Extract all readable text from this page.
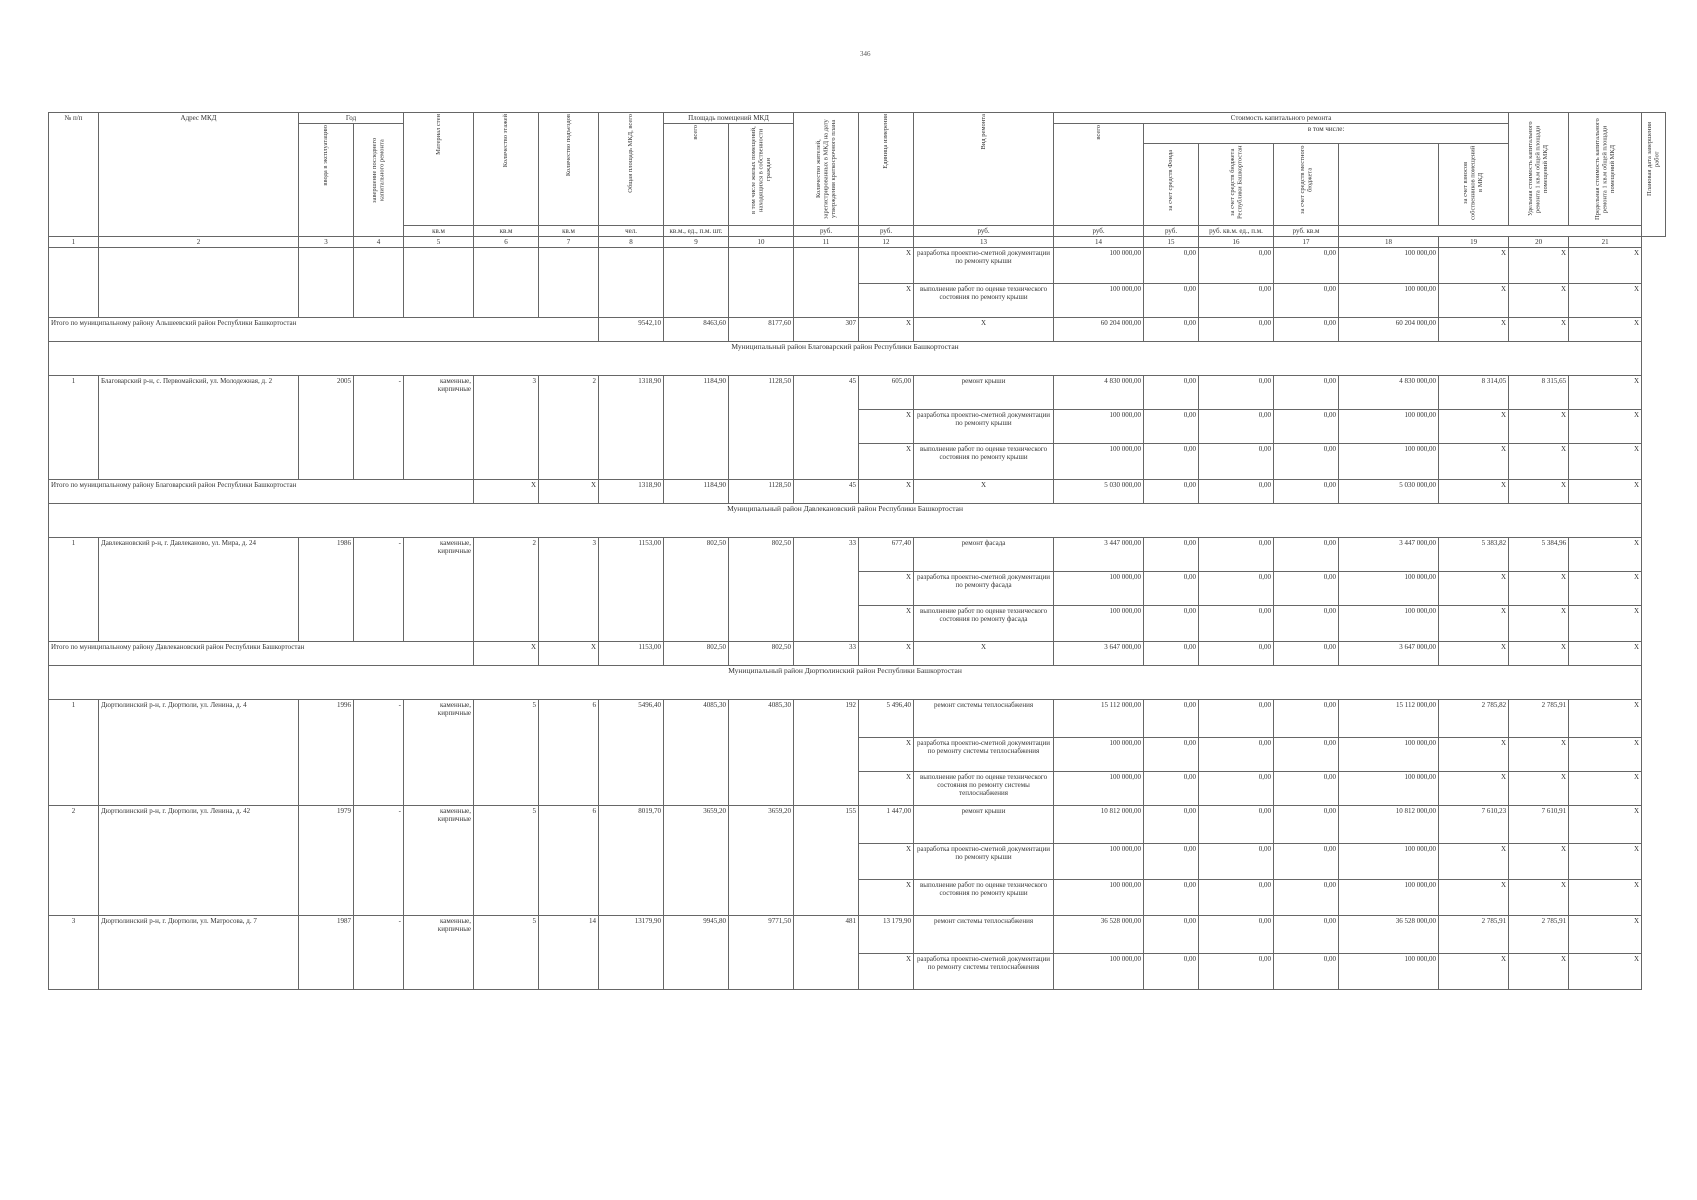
346
№ п/п	Адрес МКД	Год		Материал стен	Количество этажей	Количество подъездов	Общая площадь МКД, всего	Площадь помещений МКД		Количество жителей, зарегистрированных в МКД на дату утверждения краткосрочного плана	Единица измерения	Вид ремонта	Стоимость капитального ремонта						Удельная стоимость капитального ремонта 1 кв.м общей площади помещений МКД	Предельная стоимость капитального ремонта 1 кв.м общей площади помещений МКД	Плановая дата завершения работ

		ввода в эксплуатацию	завершение последнего капитального ремонта					всего	в том числе жилых помещений, находящихся в собственности граждан				всего	в том числе:							

														за счет средств Фонда	за счет средств бюджета Республики Башкортостан	за счет средств местного бюджета		за счет взносов собственников помещений в МКД			

				кв.м	кв.м	кв.м	чел.	кв.м., ед., п.м. шт.		руб.	руб.	руб.	руб.	руб.	руб. кв.м. ед., п.м.	руб. кв.м					
1	2	3	4	5	6	7	8	9	10	11	12	13	14	15	16	17	18	19	20	21	
											X	разработка проектно-сметной документации по ремонту крыши	100 000,00	0,00	0,00	0,00	100 000,00	X	X	X	
											X	выполнение работ по оценке технического состояния по ремонту крыши	100 000,00	0,00	0,00	0,00	100 000,00	X	X	X	
Итого по муниципальному району Альшеевский район Республики Башкортостан							9542,10	8463,60	8177,60	307	X	X	60 204 000,00	0,00	0,00	0,00	60 204 000,00	X	X	X	
Муниципальный район Благоварский район Республики Башкортостан																					
1	Благоварский р-н, с. Первомайский, ул. Молодежная, д. 2	2005	-	каменные, кирпичные	3	2	1318,90	1184,90	1128,50	45	605,00	ремонт крыши	4 830 000,00	0,00	0,00	0,00	4 830 000,00	8 314,05	8 315,65	X	
											X	разработка проектно-сметной документации по ремонту крыши	100 000,00	0,00	0,00	0,00	100 000,00	X	X	X	
											X	выполнение работ по оценке технического состояния по ремонту крыши	100 000,00	0,00	0,00	0,00	100 000,00	X	X	X	
Итого по муниципальному району Благоварский район Республики Башкортостан					X	X	1318,90	1184,90	1128,50	45	X	X	5 030 000,00	0,00	0,00	0,00	5 030 000,00	X	X	X	
Муниципальный район Давлекановский район Республики Башкортостан																					
1	Давлекановский р-н, г. Давлеканово, ул. Мира, д. 24	1986	-	каменные, кирпичные	2	3	1153,00	802,50	802,50	33	677,40	ремонт фасада	3 447 000,00	0,00	0,00	0,00	3 447 000,00	5 383,82	5 384,96	X	
											X	разработка проектно-сметной документации по ремонту фасада	100 000,00	0,00	0,00	0,00	100 000,00	X	X	X	
											X	выполнение работ по оценке технического состояния по ремонту фасада	100 000,00	0,00	0,00	0,00	100 000,00	X	X	X	
Итого по муниципальному району Давлекановский район Республики Башкортостан					X	X	1153,00	802,50	802,50	33	X	X	3 647 000,00	0,00	0,00	0,00	3 647 000,00	X	X	X	
Муниципальный район Дюртюлинский район Республики Башкортостан																					
1	Дюртюлинский р-н, г. Дюртюли, ул. Ленина, д. 4	1996	-	каменные, кирпичные	5	6	5496,40	4085,30	4085,30	192	5 496,40	ремонт системы теплоснабжения	15 112 000,00	0,00	0,00	0,00	15 112 000,00	2 785,82	2 785,91	X	
											X	разработка проектно-сметной документации по ремонту системы теплоснабжения	100 000,00	0,00	0,00	0,00	100 000,00	X	X	X	
											X	выполнение работ по оценке технического состояния по ремонту системы теплоснабжения	100 000,00	0,00	0,00	0,00	100 000,00	X	X	X	
2	Дюртюлинский р-н, г. Дюртюли, ул. Ленина, д. 42	1979	-	каменные, кирпичные	5	6	8019,70	3659,20	3659,20	155	1 447,00	ремонт крыши	10 812 000,00	0,00	0,00	0,00	10 812 000,00	7 610,23	7 610,91	X	
											X	разработка проектно-сметной документации по ремонту крыши	100 000,00	0,00	0,00	0,00	100 000,00	X	X	X	
											X	выполнение работ по оценке технического состояния по ремонту крыши	100 000,00	0,00	0,00	0,00	100 000,00	X	X	X	
3	Дюртюлинский р-н, г. Дюртюли, ул. Матросова, д. 7	1987	-	каменные, кирпичные	5	14	13179,90	9945,80	9771,50	481	13 179,90	ремонт системы теплоснабжения	36 528 000,00	0,00	0,00	0,00	36 528 000,00	2 785,91	2 785,91	X	
											X	разработка проектно-сметной документации по ремонту системы теплоснабжения	100 000,00	0,00	0,00	0,00	100 000,00	X	X	X	
